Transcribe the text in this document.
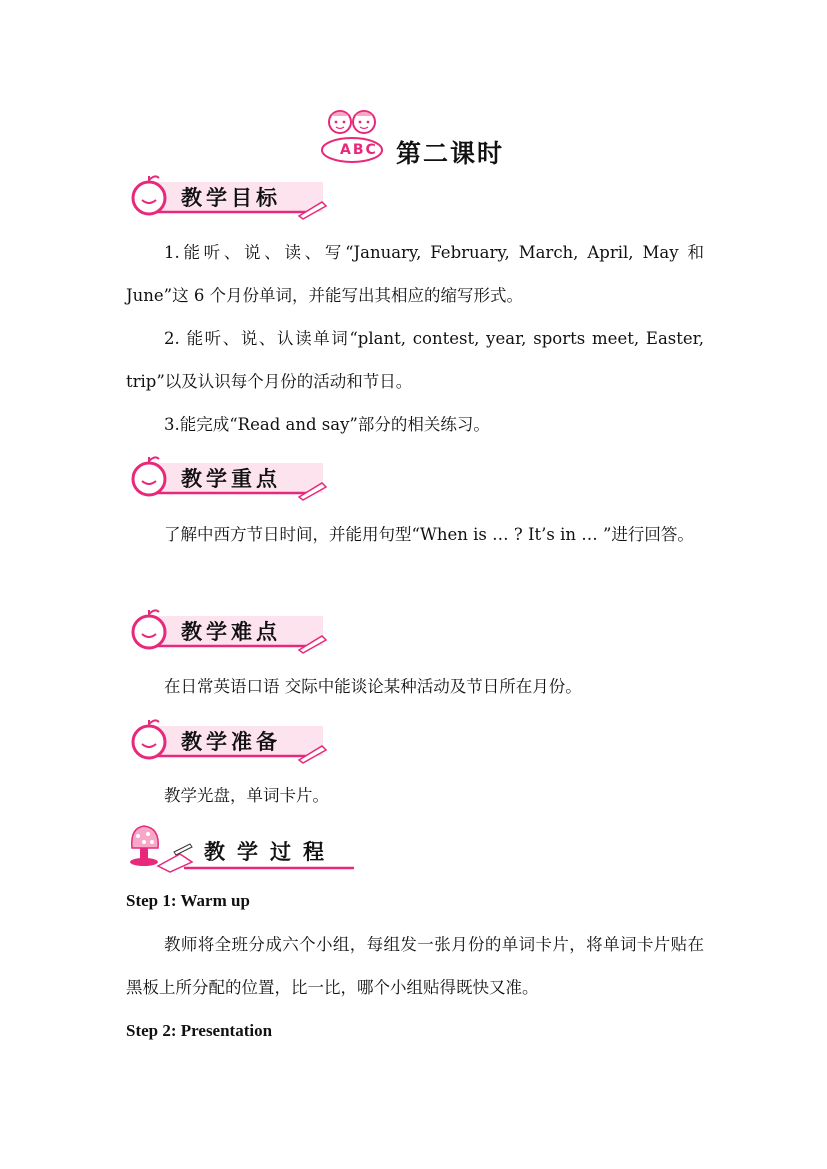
ABC 第二课时
教学目标
1.能听、说、读、写“January, February, March, April, May 和 June”这 6 个月份单词，并能写出其相应的缩写形式。
2. 能听、说、认读单词“plant, contest, year, sports meet, Easter, trip”以及认识每个月份的活动和节日。
3.能完成“Read and say”部分的相关练习。
教学重点
了解中西方节日时间，并能用句型“When is … ? It’s in … ”进行回答。
教学难点
在日常英语口语 交际中能谈论某种活动及节日所在月份。
教学准备
教学光盘，单词卡片。
教学过程
Step 1: Warm up
教师将全班分成六个小组，每组发一张月份的单词卡片，将单词卡片贴在黑板上所分配的位置，比一比，哪个小组贴得既快又准。
Step 2: Presentation
